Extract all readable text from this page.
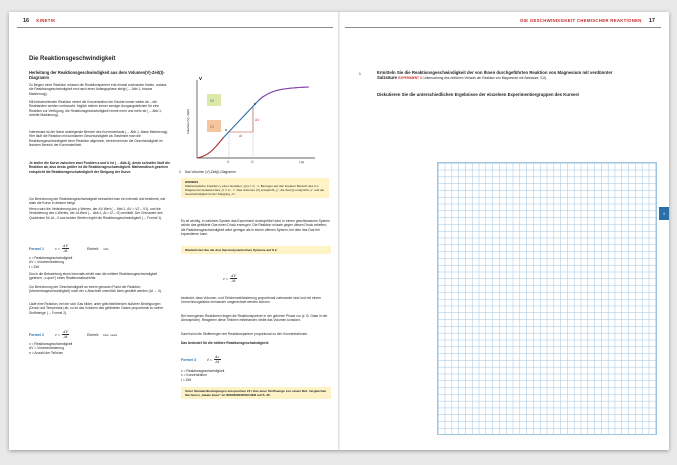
16 KINETIK	DIE GESCHWINDIGKEIT CHEMISCHER REAKTIONEN 17
Die Reaktionsgeschwindigkeit
Herleitung der Reaktionsgeschwindigkeit aus dem Volumen(V)-Zeit(t)-Diagramm
Zu Beginn einer Reaktion müssen die Reaktionspartner erst einmal zueinander finden, sodass die Reaktionsgeschwindigkeit erst nach einer Anfangsphase steigt (→ Abb.1, braune Markierung).
Mit fortschreitender Reaktion nimmt die Konzentration der Edukte immer weiter ab – die Reaktanden werden verbraucht; folglich stehen immer weniger Ausgangsteilchen für eine Reaktion zur Verfügung, die Reaktionsgeschwindigkeit nimmt mehr und mehr ab (→ Abb.1, violette Markierung).
Interessant ist der linear ansteigende Bereich des Kurvenverlaufs (→ Abb.1, blaue Markierung). Hier läuft die Reaktion mit konstanter Geschwindigkeit ab. Bestimmt man die Reaktionsgeschwindigkeit einer Reaktion allgemein, berechnet man die Geschwindigkeit im linearen Bereich der Kurvensteilheit.
Je steiler die Kurve zwischen zwei Punkten a und b ist (→ Abb.1), desto schneller läuft die Reaktion ab, also desto größer ist die Reaktionsgeschwindigkeit. Mathematisch gesehen entspricht die Reaktionsgeschwindigkeit der Steigung der Kurve.
Zur Berechnung der Reaktionsgeschwindigkeit betrachtet man ein Intervall und bestimmt, wie stark die Kurve in diesem steigt.
Hierzu wird die Veränderung des y-Wertes, der ΔV-Wert (→ Abb.1, ΔV = V2 – V1), und die Veränderung des x-Wertes, der Δt-Wert (→ Abb.1, Δt = t2 – t1) ermittelt. Der Grenzwert des Quotienten für Δt→0 aus beiden Werten ergibt die Reaktionsgeschwindigkeit (→ Formel 1).
Formel 1	$v = \frac{\Delta V}{\Delta t}$	Einheit: ml/s
v = Reaktionsgeschwindigkeit
ΔV = Volumenänderung
t = Zeit
Durch die Betrachtung eines Intervalls erhält man die mittlere Reaktionsgeschwindigkeit (gelesen: „v-quer“) eines Reaktionsabschnitts.
Zur Berechnung der Geschwindigkeit an einem genauen Punkt der Reaktion (Momentangeschwindigkeit) nutzt der x-Abschnitt unendlich klein gewählt werden (Δt → 0).
Läuft eine Reaktion, bei der sich Gas bildet, unter gleichbleibenden äußeren Bedingungen (Druck und Temperatur) ab, so ist das Volumen des gebildeten Gases proportional zu seiner Stoffmenge (→ Formel 2).
Formel 2	$v = \frac{\Delta V}{\Delta t}$	Einheit: bzw. mol/s
v = Reaktionsgeschwindigkeit
ΔV = Volumenänderung
n = Anzahl der Teilchen
V
Volumen (V), ml(h)
t (s)
V2
V1
ΔV
Δt
a
b
t1	t2
1 Das Volumen (V)-Zeit(t)-Diagramm
HINWEIS
Mathematische Funktion y einer Geraden: y(x) = m · x. Bezogen auf den linearen Bereich des V-t-Diagramms bedeutet dies „V = m · t“. Das Volumen (V) entspricht „y“, die Zeit (t) entspricht „x“ und die Geschwindigkeit ist der Steigung „m“.
Es ist wichtig, in welchem System das Experiment durchgeführt wird: In einem geschlossenen System würde das gebildete Gas einen Druck erzeugen. Die Reaktion müsste gegen diesen Druck arbeiten; die Reaktionsgeschwindigkeit wäre geringer als in einem offenen System, bei dem das Gas frei expandieren kann.
Wiederholen Sie die drei thermodynamischen Systeme auf S.2.
$v = \frac{\Delta V}{\Delta t}$
bedeutet, dass Volumen- und Teilchenzahländerung proportional zueinander sind und mit einem Umrechnungsfaktor ineinander umgerechnet werden können.
Bei homogenen Reaktionen liegen die Reaktionspartner in der gleichen Phase vor (z. B. Gase in der Atmosphäre). Reagieren diese Teilchen miteinander, bleibt das Volumen konstant.
Damit sind die Stoffmengen der Reaktionspartner proportional zu den Konzentrationen.
Das bedeutet für die mittlere Reaktionsgeschwindigkeit:
Formel 3	v̄ = $\frac{\Delta c}{\Delta t}$
v = Reaktionsgeschwindigkeit
c = Konzentration
t = Zeit
Unter Standardbedingungen entsprechen 24 l Gas einer Stoffmenge von einem Mol. Vergleichen Sie hierzu „Ideale Gase“ im WISSENSSPEICHER auf S. 36.
1	Ermitteln Sie die Reaktionsgeschwindigkeit der von Ihnen durchgeführten Reaktion von Magnesium mit verdünnter Salzsäure EXPERIMENT 3: Untersuchung des zeitlichen Verlaufs der Reaktion von Magnesium mit Salzsäure, S.6).
Diskutieren Sie die unterschiedlichen Ergebnisse der einzelnen Experimentiergruppen des Kurses!
I
